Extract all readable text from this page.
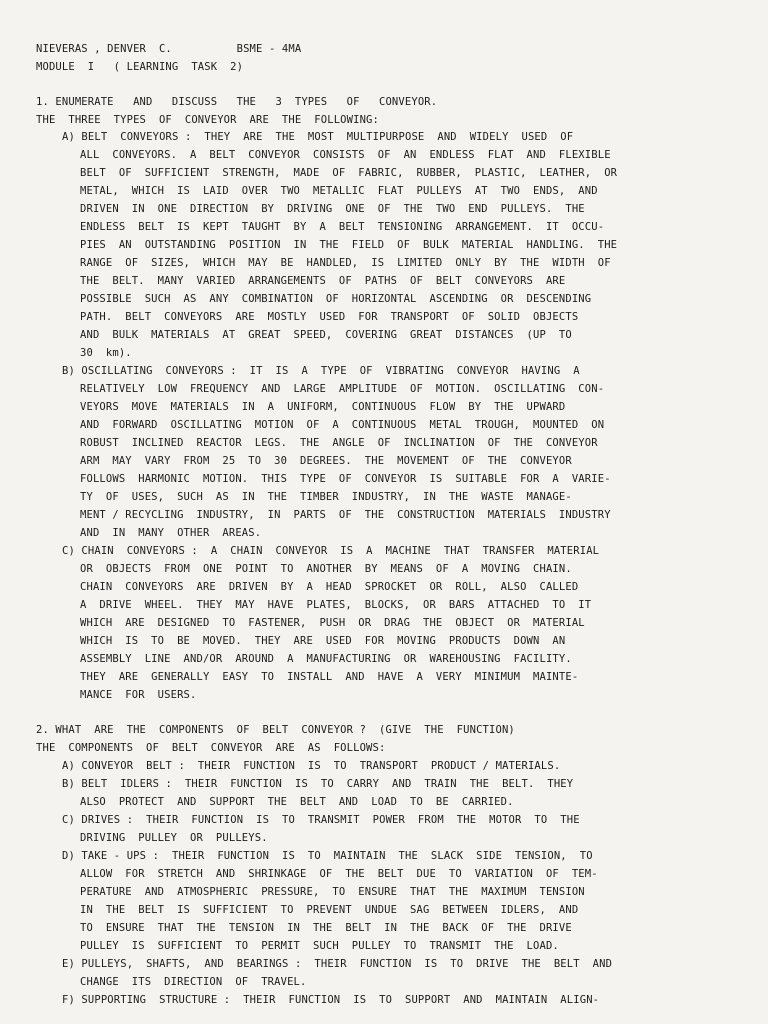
NIEVERAS , DENVER  C.          BSME - 4MA
MODULE  I   ( LEARNING  TASK  2)
1. ENUMERATE   AND   DISCUSS   THE   3  TYPES   OF   CONVEYOR.
THE  THREE  TYPES  OF  CONVEYOR  ARE  THE  FOLLOWING:
A) BELT  CONVEYORS :  THEY  ARE  THE  MOST  MULTIPURPOSE  AND  WIDELY  USED  OF
ALL  CONVEYORS.  A  BELT  CONVEYOR  CONSISTS  OF  AN  ENDLESS  FLAT  AND  FLEXIBLE
BELT  OF  SUFFICIENT  STRENGTH,  MADE  OF  FABRIC,  RUBBER,  PLASTIC,  LEATHER,  OR
METAL,  WHICH  IS  LAID  OVER  TWO  METALLIC  FLAT  PULLEYS  AT  TWO  ENDS,  AND
DRIVEN  IN  ONE  DIRECTION  BY  DRIVING  ONE  OF  THE  TWO  END  PULLEYS.  THE
ENDLESS  BELT  IS  KEPT  TAUGHT  BY  A  BELT  TENSIONING  ARRANGEMENT.  IT  OCCU-
PIES  AN  OUTSTANDING  POSITION  IN  THE  FIELD  OF  BULK  MATERIAL  HANDLING.  THE
RANGE  OF  SIZES,  WHICH  MAY  BE  HANDLED,  IS  LIMITED  ONLY  BY  THE  WIDTH  OF
THE  BELT.  MANY  VARIED  ARRANGEMENTS  OF  PATHS  OF  BELT  CONVEYORS  ARE
POSSIBLE  SUCH  AS  ANY  COMBINATION  OF  HORIZONTAL  ASCENDING  OR  DESCENDING
PATH.  BELT  CONVEYORS  ARE  MOSTLY  USED  FOR  TRANSPORT  OF  SOLID  OBJECTS
AND  BULK  MATERIALS  AT  GREAT  SPEED,  COVERING  GREAT  DISTANCES  (UP  TO
30  km).
B) OSCILLATING  CONVEYORS :  IT  IS  A  TYPE  OF  VIBRATING  CONVEYOR  HAVING  A
RELATIVELY  LOW  FREQUENCY  AND  LARGE  AMPLITUDE  OF  MOTION.  OSCILLATING  CON-
VEYORS  MOVE  MATERIALS  IN  A  UNIFORM,  CONTINUOUS  FLOW  BY  THE  UPWARD
AND  FORWARD  OSCILLATING  MOTION  OF  A  CONTINUOUS  METAL  TROUGH,  MOUNTED  ON
ROBUST  INCLINED  REACTOR  LEGS.  THE  ANGLE  OF  INCLINATION  OF  THE  CONVEYOR
ARM  MAY  VARY  FROM  25  TO  30  DEGREES.  THE  MOVEMENT  OF  THE  CONVEYOR
FOLLOWS  HARMONIC  MOTION.  THIS  TYPE  OF  CONVEYOR  IS  SUITABLE  FOR  A  VARIE-
TY  OF  USES,  SUCH  AS  IN  THE  TIMBER  INDUSTRY,  IN  THE  WASTE  MANAGE-
MENT / RECYCLING  INDUSTRY,  IN  PARTS  OF  THE  CONSTRUCTION  MATERIALS  INDUSTRY
AND  IN  MANY  OTHER  AREAS.
C) CHAIN  CONVEYORS :  A  CHAIN  CONVEYOR  IS  A  MACHINE  THAT  TRANSFER  MATERIAL
OR  OBJECTS  FROM  ONE  POINT  TO  ANOTHER  BY  MEANS  OF  A  MOVING  CHAIN.
CHAIN  CONVEYORS  ARE  DRIVEN  BY  A  HEAD  SPROCKET  OR  ROLL,  ALSO  CALLED
A  DRIVE  WHEEL.  THEY  MAY  HAVE  PLATES,  BLOCKS,  OR  BARS  ATTACHED  TO  IT
WHICH  ARE  DESIGNED  TO  FASTENER,  PUSH  OR  DRAG  THE  OBJECT  OR  MATERIAL
WHICH  IS  TO  BE  MOVED.  THEY  ARE  USED  FOR  MOVING  PRODUCTS  DOWN  AN
ASSEMBLY  LINE  AND/OR  AROUND  A  MANUFACTURING  OR  WAREHOUSING  FACILITY.
THEY  ARE  GENERALLY  EASY  TO  INSTALL  AND  HAVE  A  VERY  MINIMUM  MAINTE-
MANCE  FOR  USERS.
2. WHAT  ARE  THE  COMPONENTS  OF  BELT  CONVEYOR ?  (GIVE  THE  FUNCTION)
THE  COMPONENTS  OF  BELT  CONVEYOR  ARE  AS  FOLLOWS:
A) CONVEYOR  BELT :  THEIR  FUNCTION  IS  TO  TRANSPORT  PRODUCT / MATERIALS.
B) BELT  IDLERS :  THEIR  FUNCTION  IS  TO  CARRY  AND  TRAIN  THE  BELT.  THEY
ALSO  PROTECT  AND  SUPPORT  THE  BELT  AND  LOAD  TO  BE  CARRIED.
C) DRIVES :  THEIR  FUNCTION  IS  TO  TRANSMIT  POWER  FROM  THE  MOTOR  TO  THE
DRIVING  PULLEY  OR  PULLEYS.
D) TAKE - UPS :  THEIR  FUNCTION  IS  TO  MAINTAIN  THE  SLACK  SIDE  TENSION,  TO
ALLOW  FOR  STRETCH  AND  SHRINKAGE  OF  THE  BELT  DUE  TO  VARIATION  OF  TEM-
PERATURE  AND  ATMOSPHERIC  PRESSURE,  TO  ENSURE  THAT  THE  MAXIMUM  TENSION
IN  THE  BELT  IS  SUFFICIENT  TO  PREVENT  UNDUE  SAG  BETWEEN  IDLERS,  AND
TO  ENSURE  THAT  THE  TENSION  IN  THE  BELT  IN  THE  BACK  OF  THE  DRIVE
PULLEY  IS  SUFFICIENT  TO  PERMIT  SUCH  PULLEY  TO  TRANSMIT  THE  LOAD.
E) PULLEYS,  SHAFTS,  AND  BEARINGS :  THEIR  FUNCTION  IS  TO  DRIVE  THE  BELT  AND
CHANGE  ITS  DIRECTION  OF  TRAVEL.
F) SUPPORTING  STRUCTURE :  THEIR  FUNCTION  IS  TO  SUPPORT  AND  MAINTAIN  ALIGN-
